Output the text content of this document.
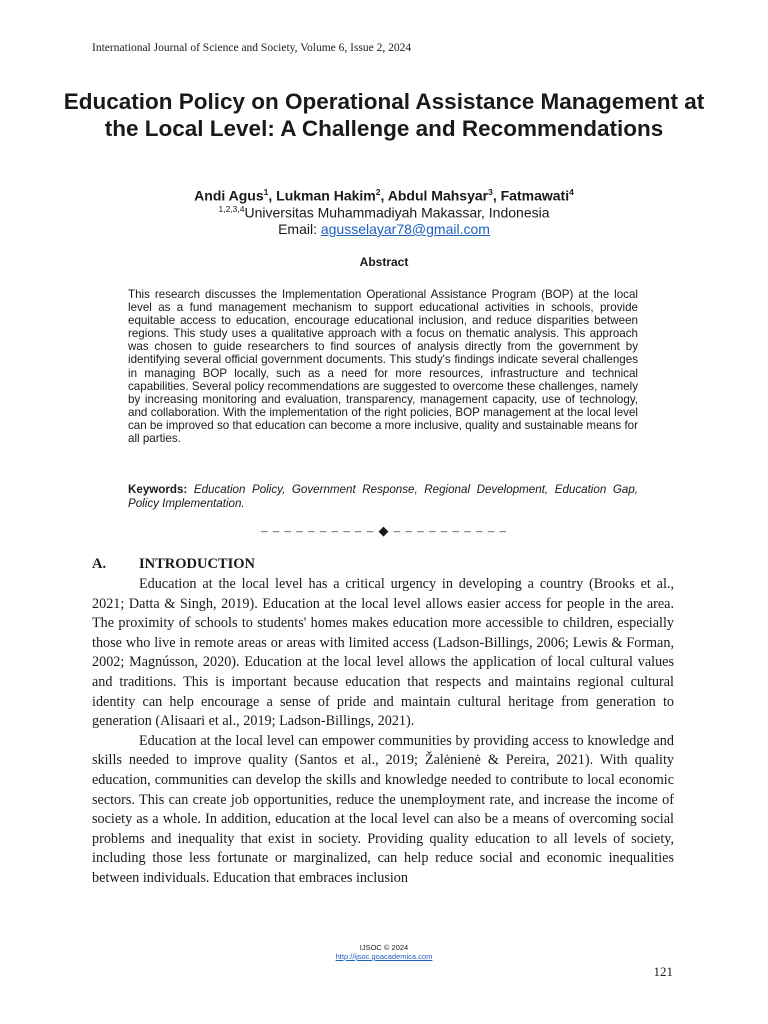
International Journal of Science and Society, Volume 6, Issue 2, 2024
Education Policy on Operational Assistance Management at the Local Level: A Challenge and Recommendations
Andi Agus$^1$, Lukman Hakim$^2$, Abdul Mahsyar$^3$, Fatmawati$^4$
$^{1,2,3,4}$Universitas Muhammadiyah Makassar, Indonesia
Email: agusselayar78@gmail.com
Abstract

This research discusses the Implementation Operational Assistance Program (BOP) at the local level as a fund management mechanism to support educational activities in schools, provide equitable access to education, encourage educational inclusion, and reduce disparities between regions. This study uses a qualitative approach with a focus on thematic analysis. This approach was chosen to guide researchers to find sources of analysis directly from the government by identifying several official government documents. This study's findings indicate several challenges in managing BOP locally, such as a need for more resources, infrastructure and technical capabilities. Several policy recommendations are suggested to overcome these challenges, namely by increasing monitoring and evaluation, transparency, management capacity, use of technology, and collaboration. With the implementation of the right policies, BOP management at the local level can be improved so that education can become a more inclusive, quality and sustainable means for all parties.

Keywords: Education Policy, Government Response, Regional Development, Education Gap, Policy Implementation.

– – – – – – – – – – ◆ – – – – – – – – – –
A. INTRODUCTION

Education at the local level has a critical urgency in developing a country (Brooks et al., 2021; Datta & Singh, 2019). Education at the local level allows easier access for people in the area. The proximity of schools to students' homes makes education more accessible to children, especially those who live in remote areas or areas with limited access (Ladson-Billings, 2006; Lewis & Forman, 2002; Magnússon, 2020). Education at the local level allows the application of local cultural values and traditions. This is important because education that respects and maintains regional cultural identity can help encourage a sense of pride and maintain cultural heritage from generation to generation (Alisaari et al., 2019; Ladson-Billings, 2021).

Education at the local level can empower communities by providing access to knowledge and skills needed to improve quality (Santos et al., 2019; Žalėnienė & Pereira, 2021). With quality education, communities can develop the skills and knowledge needed to contribute to local economic sectors. This can create job opportunities, reduce the unemployment rate, and increase the income of society as a whole. In addition, education at the local level can also be a means of overcoming social problems and inequality that exist in society. Providing quality education to all levels of society, including those less fortunate or marginalized, can help reduce social and economic inequalities between individuals. Education that embraces inclusion

IJSOC © 2024
http://ijsoc.goacademica.com
121
